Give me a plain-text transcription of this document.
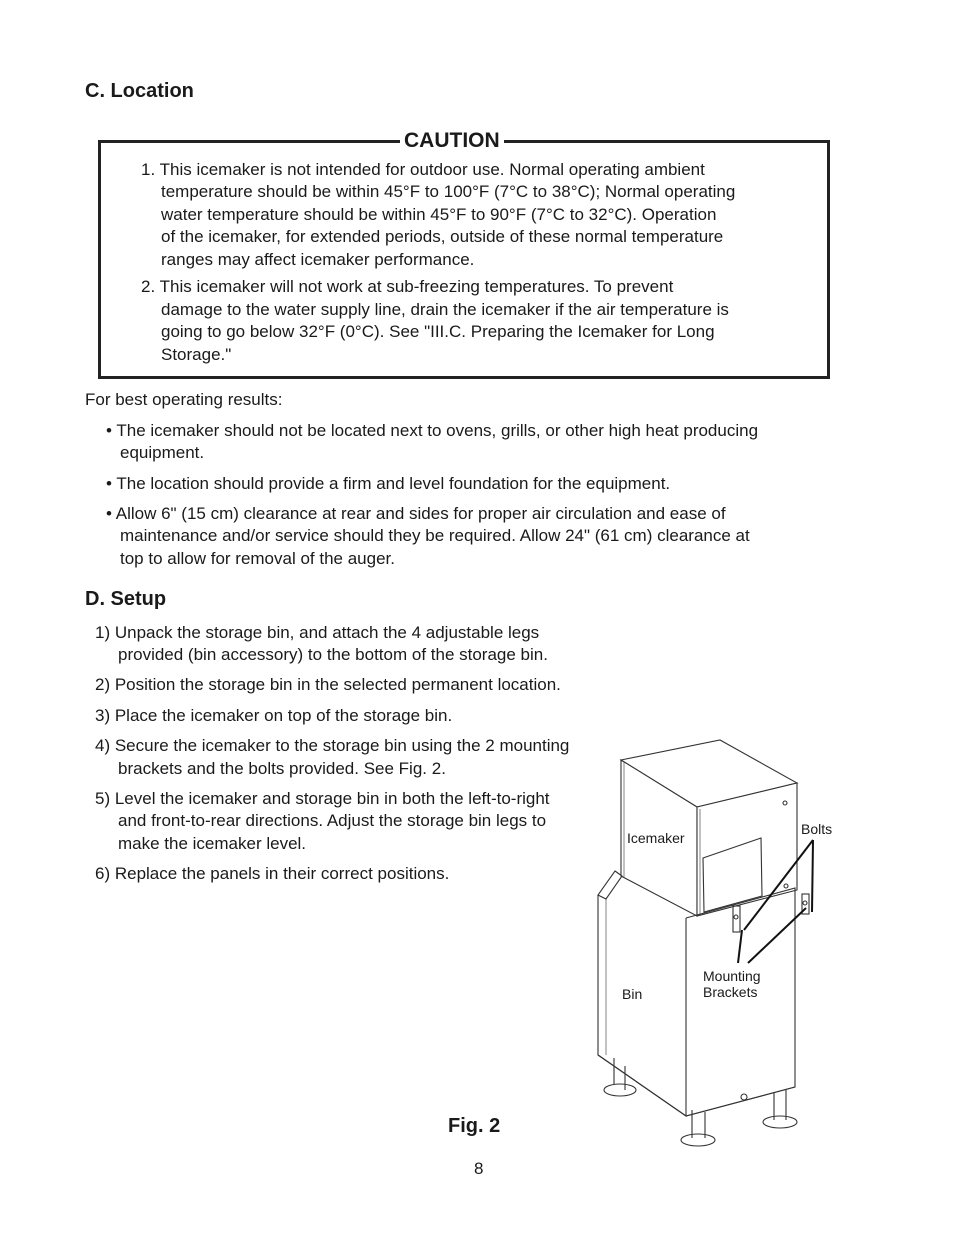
C. Location
CAUTION
1. This icemaker is not intended for outdoor use. Normal operating ambient
temperature should be within 45°F to 100°F (7°C to 38°C); Normal operating
water temperature should be within 45°F to 90°F (7°C to 32°C). Operation
of the icemaker, for extended periods, outside of these normal temperature
ranges may affect icemaker performance.
2. This icemaker will not work at sub-freezing temperatures. To prevent
damage to the water supply line, drain the icemaker if the air temperature is
going to go below 32°F (0°C). See "III.C. Preparing the Icemaker for Long
Storage."
For best operating results:
• The icemaker should not be located next to ovens, grills, or other high heat producing
equipment.
• The location should provide a firm and level foundation for the equipment.
• Allow 6" (15 cm) clearance at rear and sides for proper air circulation and ease of
maintenance and/or service should they be required. Allow 24" (61 cm) clearance at
top to allow for removal of the auger.
D. Setup
1) Unpack the storage bin, and attach the 4 adjustable legs
provided (bin accessory) to the bottom of the storage bin.
2) Position the storage bin in the selected permanent location.
3) Place the icemaker on top of the storage bin.
4) Secure the icemaker to the storage bin using the 2 mounting
brackets and the bolts provided. See Fig. 2.
5) Level the icemaker and storage bin in both the left-to-right
and front-to-rear directions. Adjust the storage bin legs to
make the icemaker level.
6) Replace the panels in their correct positions.
Icemaker
Bolts
Bin
Mounting
Brackets
Fig. 2
8
